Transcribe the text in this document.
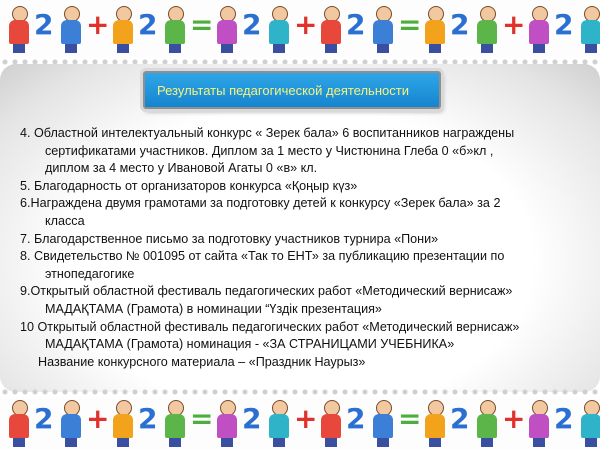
2 + 2 = 2 + 2 = 2 + 2
Результаты педагогической деятельности
4. Областной интелектуальный конкурс « Зерек бала» 6 воспитанников награждены
сертификатами участников. Диплом за 1 место у Чистюнина Глеба 0 «б»кл ,
диплом за 4 место у Ивановой Агаты 0 «в» кл.
5. Благодарность от организаторов конкурса «Қоңыр күз»
6.Награждена двумя грамотами за подготовку детей к конкурсу «Зерек бала» за 2
класса
7. Благодарственное письмо за подготовку участников турнира «Пони»
8. Свидетельство № 001095 от сайта «Так то ЕНТ» за публикацию презентации по
этнопедагогике
9.Открытый областной фестиваль педагогических работ «Методический вернисаж»
МАДАҚТАМА (Грамота) в номинации “Үздік презентация»
10 Открытый областной фестиваль педагогических работ «Методический вернисаж»
МАДАҚТАМА (Грамота) номинация - «ЗА СТРАНИЦАМИ УЧЕБНИКА»
Название конкурсного материала – «Праздник Наурыз»
2 + 2 = 2 + 2 = 2 + 2
